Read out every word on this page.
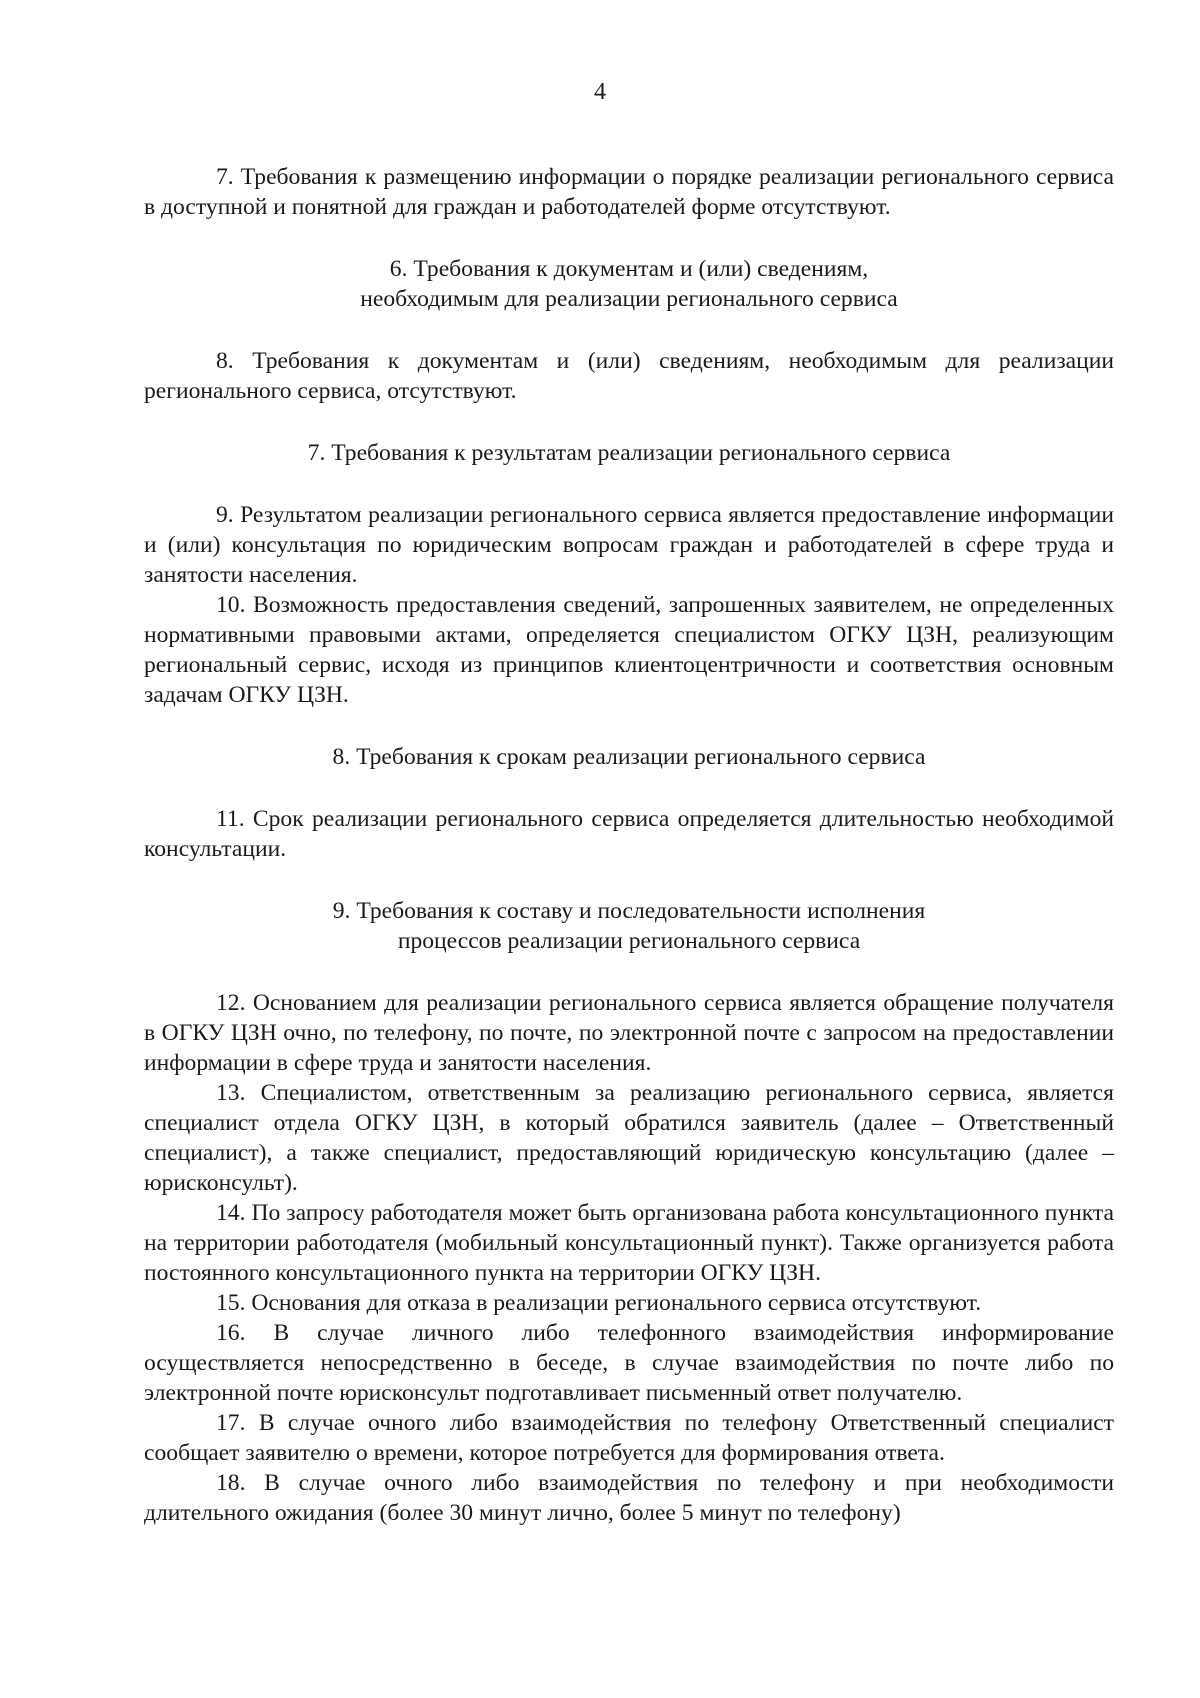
4

7. Требования к размещению информации о порядке реализации регионального сервиса в доступной и понятной для граждан и работодателей форме отсутствуют.

6. Требования к документам и (или) сведениям,
необходимым для реализации регионального сервиса

8. Требования к документам и (или) сведениям, необходимым для реализации регионального сервиса, отсутствуют.

7. Требования к результатам реализации регионального сервиса

9. Результатом реализации регионального сервиса является предоставление информации и (или) консультация по юридическим вопросам граждан и работодателей в сфере труда и занятости населения.

10. Возможность предоставления сведений, запрошенных заявителем, не определенных нормативными правовыми актами, определяется специалистом ОГКУ ЦЗН, реализующим региональный сервис, исходя из принципов клиентоцентричности и соответствия основным задачам ОГКУ ЦЗН.

8. Требования к срокам реализации регионального сервиса

11. Срок реализации регионального сервиса определяется длительностью необходимой консультации.

9. Требования к составу и последовательности исполнения
процессов реализации регионального сервиса

12. Основанием для реализации регионального сервиса является обращение получателя в ОГКУ ЦЗН очно, по телефону, по почте, по электронной почте с запросом на предоставлении информации в сфере труда и занятости населения.

13. Специалистом, ответственным за реализацию регионального сервиса, является специалист отдела ОГКУ ЦЗН, в который обратился заявитель (далее – Ответственный специалист), а также специалист, предоставляющий юридическую консультацию (далее – юрисконсульт).

14. По запросу работодателя может быть организована работа консультационного пункта на территории работодателя (мобильный консультационный пункт). Также организуется работа постоянного консультационного пункта на территории ОГКУ ЦЗН.

15. Основания для отказа в реализации регионального сервиса отсутствуют.

16. В случае личного либо телефонного взаимодействия информирование осуществляется непосредственно в беседе, в случае взаимодействия по почте либо по электронной почте юрисконсульт подготавливает письменный ответ получателю.

17. В случае очного либо взаимодействия по телефону Ответственный специалист сообщает заявителю о времени, которое потребуется для формирования ответа.

18. В случае очного либо взаимодействия по телефону и при необходимости длительного ожидания (более 30 минут лично, более 5 минут по телефону)
